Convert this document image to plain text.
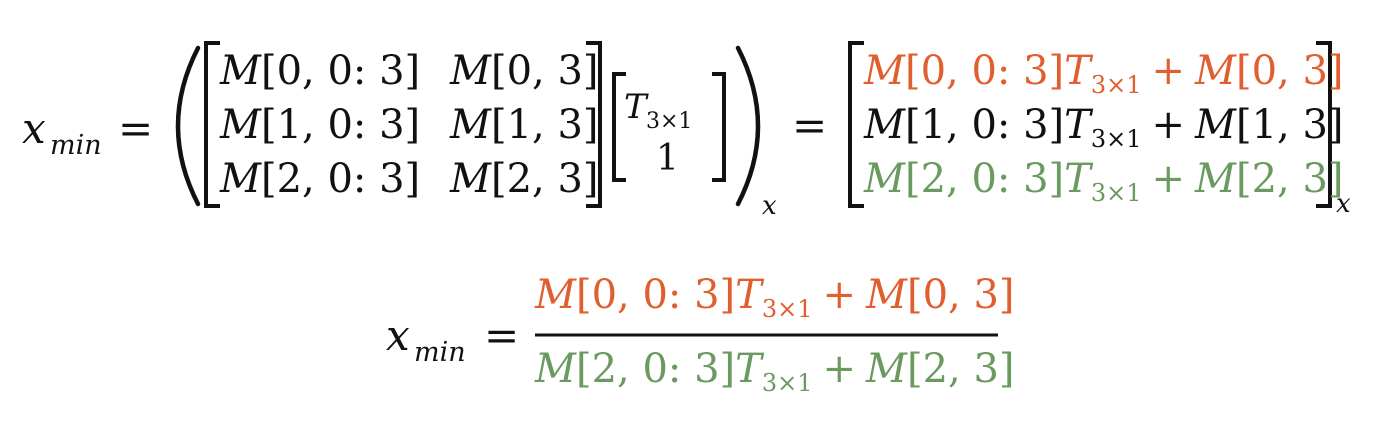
x min =
M[0, 0: 3] M[0, 3]
M[1, 0: 3] M[1, 3]
M[2, 0: 3] M[2, 3]
T 3×1
1
x
=
x
M[0, 0: $3]T_{3\times 1} + M[0$, 3]
M[1, 0: $3]T_{3\times 1} + M[1$, 3]
M[2, 0: $3]T_{3\times 1} + M[2$, 3]
x min =
M[0, 0: $3]T_{3\times 1} + M[0$, 3]
M[2, 0: $3]T_{3\times 1} + M[2$, 3]
